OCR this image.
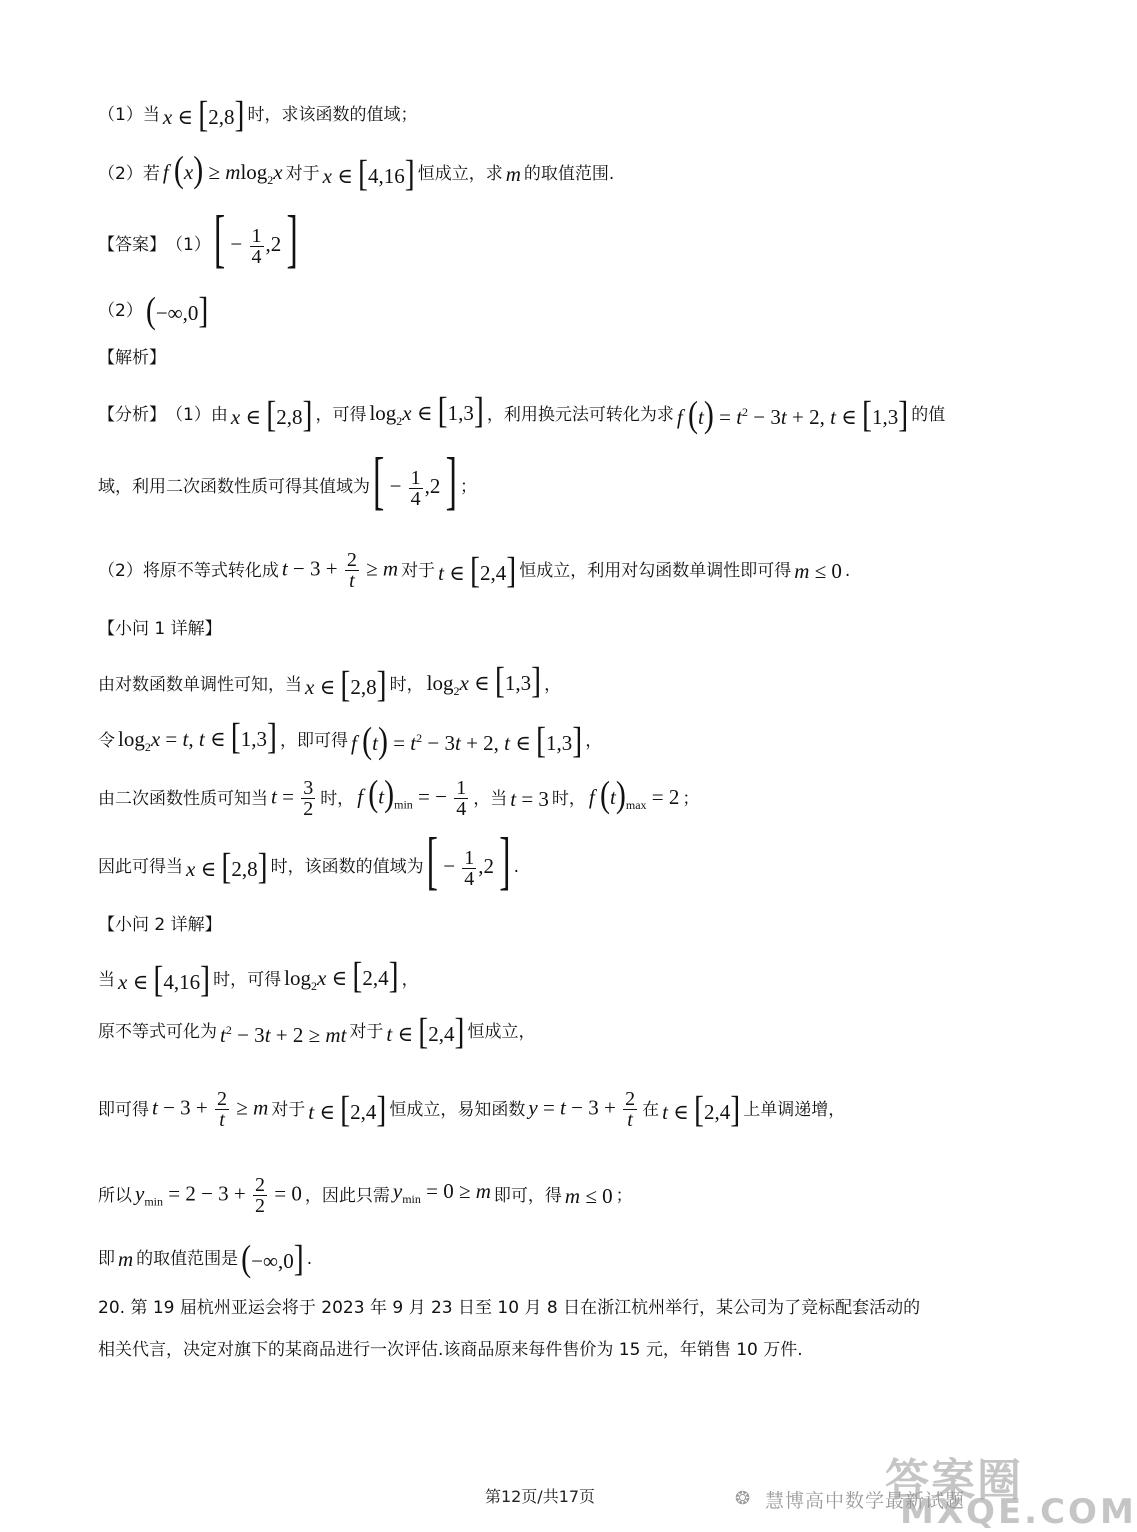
（1）当 x ∈ [2,8] 时，求该函数的值域；
（2）若 f (x) ≥ mlog$_2$x 对于 x ∈ [4,16] 恒成立，求 m 的取值范围.
【答案】 （1） [ − $\frac{1}{4} ,2$ ]
（2） (−∞,0]
【解析】
【分析】 （1）由 x ∈ [2,8] ，可得 $\log_2x$ ∈ [1,3] ，利用换元法可转化为求 f $(t) = t^2 - 3t + 2$, t ∈ [1,3] 的值
域，利用二次函数性质可得其值域为 [ − $\frac{1}{4} ,2$ ] ；
（2）将原不等式转化成 $t - 3 + \frac{2}{t} \ge m$ 对于 t ∈ [2,4] 恒成立，利用对勾函数单调性即可得 m ≤ 0 .
【小问 1 详解】
由对数函数单调性可知，当 x ∈ [2,8] 时， $\log_2x$ ∈ [1,3] ，
令 $\log_2x = t$, t ∈ [1,3] ，即可得 f $(t) = t^2 - 3t + 2$, t ∈ [1,3] ，
由二次函数性质可知当 $t = \frac{3}{2}$ 时， f $(t)_{min}$ = − $\frac{1}{4}$ ，当 t = 3 时， f $(t)_{max} = 2$ ；
因此可得当 x ∈ [2,8] 时，该函数的值域为 [ − $\frac{1}{4} ,2$ ] .
【小问 2 详解】
当 x ∈ [4,16] 时，可得 $\log_2x$ ∈ [2,4] ，
原不等式可化为 $t^2 - 3t + 2$ ≥ mt 对于 t ∈ [2,4] 恒成立，
即可得 $t - 3 + \frac{2}{t} \ge m$ 对于 t ∈ [2,4] 恒成立，易知函数 $y = t - 3 + \frac{2}{t}$ 在 t ∈ [2,4] 上单调递增，
所以 $y_{min} = 2 - 3 + \frac{2}{2} = 0$ ，因此只需 $y_{min} = 0 \ge m$ 即可，得 m ≤ 0 ；
即 m 的取值范围是 (−∞,0] .
20. 第 19 届杭州亚运会将于 2023 年 9 月 23 日至 10 月 8 日在浙江杭州举行，某公司为了竞标配套活动的
相关代言，决定对旗下的某商品进行一次评估.该商品原来每件售价为 15 元，年销售 10 万件.
第12页/共17页	❂ 慧博高中数学最新试题
答案圈
MXQE.COM
